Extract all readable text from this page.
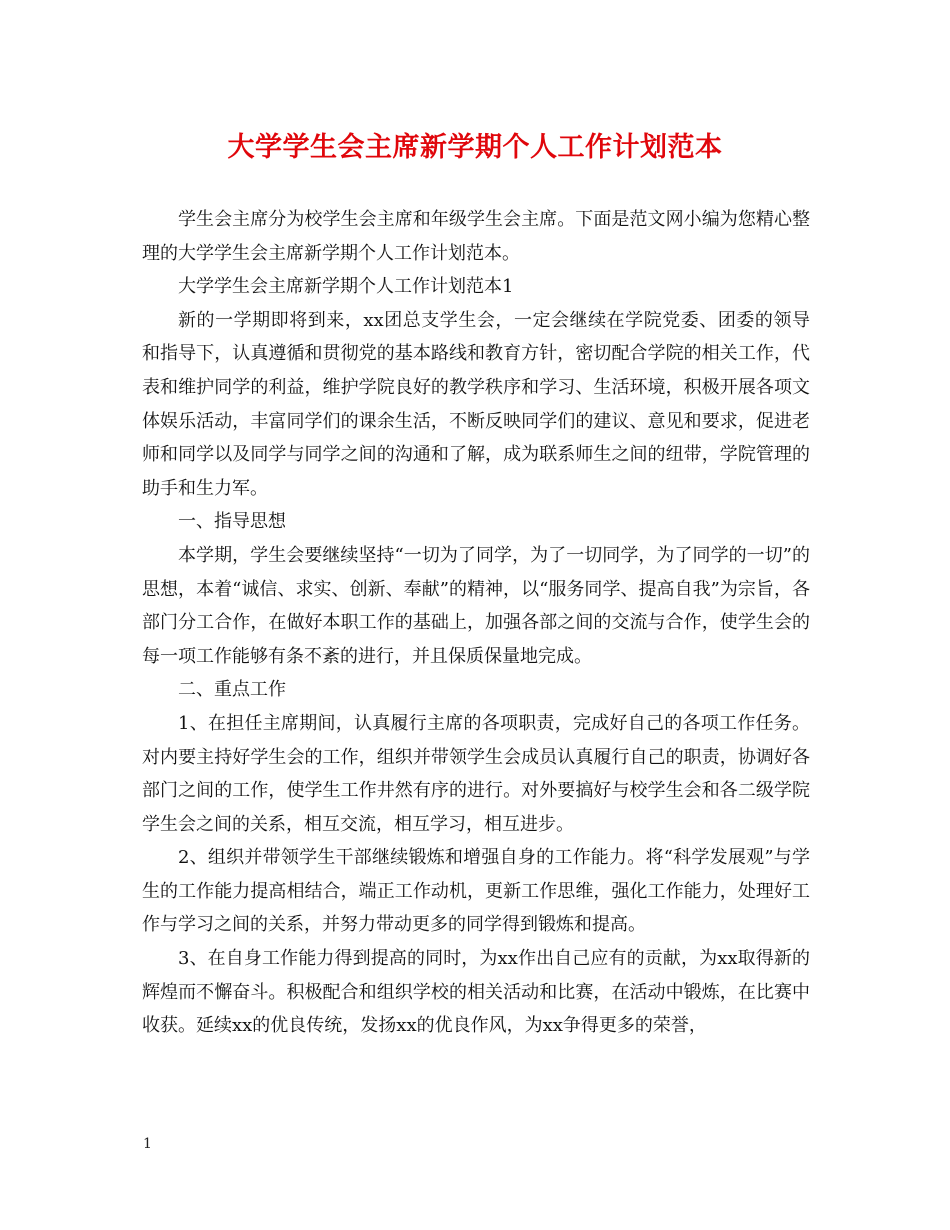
大学学生会主席新学期个人工作计划范本

学生会主席分为校学生会主席和年级学生会主席。下面是范文网小编为您精心整理的大学学生会主席新学期个人工作计划范本。

大学学生会主席新学期个人工作计划范本1

新的一学期即将到来，xx团总支学生会，一定会继续在学院党委、团委的领导和指导下，认真遵循和贯彻党的基本路线和教育方针，密切配合学院的相关工作，代表和维护同学的利益，维护学院良好的教学秩序和学习、生活环境，积极开展各项文体娱乐活动，丰富同学们的课余生活，不断反映同学们的建议、意见和要求，促进老师和同学以及同学与同学之间的沟通和了解，成为联系师生之间的纽带，学院管理的助手和生力军。

一、指导思想

本学期，学生会要继续坚持“一切为了同学，为了一切同学，为了同学的一切”的思想，本着“诚信、求实、创新、奉献”的精神，以“服务同学、提高自我”为宗旨，各部门分工合作，在做好本职工作的基础上，加强各部之间的交流与合作，使学生会的每一项工作能够有条不紊的进行，并且保质保量地完成。

二、重点工作

1、在担任主席期间，认真履行主席的各项职责，完成好自己的各项工作任务。对内要主持好学生会的工作，组织并带领学生会成员认真履行自己的职责，协调好各部门之间的工作，使学生工作井然有序的进行。对外要搞好与校学生会和各二级学院学生会之间的关系，相互交流，相互学习，相互进步。

2、组织并带领学生干部继续锻炼和增强自身的工作能力。将“科学发展观”与学生的工作能力提高相结合，端正工作动机，更新工作思维，强化工作能力，处理好工作与学习之间的关系，并努力带动更多的同学得到锻炼和提高。

3、在自身工作能力得到提高的同时，为xx作出自己应有的贡献，为xx取得新的辉煌而不懈奋斗。积极配合和组织学校的相关活动和比赛，在活动中锻炼，在比赛中收获。延续xx的优良传统，发扬xx的优良作风，为xx争得更多的荣誉，

1
